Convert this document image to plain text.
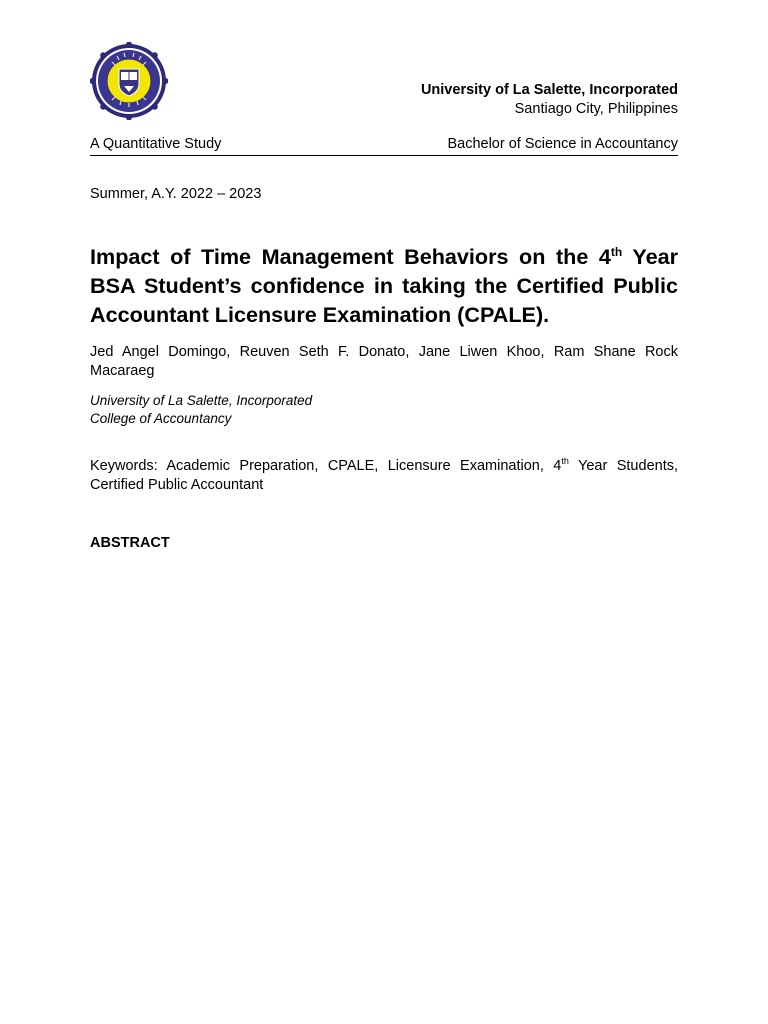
University of La Salette, Incorporated
Santiago City, Philippines
A Quantitative Study	Bachelor of Science in Accountancy
Summer, A.Y. 2022 – 2023
Impact of Time Management Behaviors on the 4th Year BSA Student’s confidence in taking the Certified Public Accountant Licensure Examination (CPALE).
Jed Angel Domingo, Reuven Seth F. Donato, Jane Liwen Khoo, Ram Shane Rock Macaraeg
University of La Salette, Incorporated
College of Accountancy
Keywords: Academic Preparation, CPALE, Licensure Examination, 4th Year Students, Certified Public Accountant
ABSTRACT
